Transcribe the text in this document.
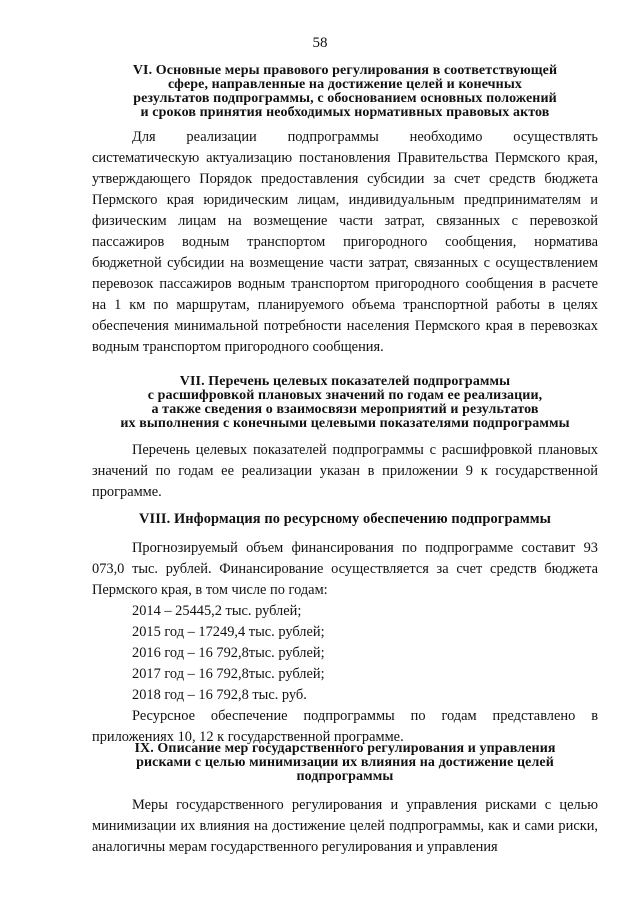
58
VI. Основные меры правового регулирования в соответствующей
сфере, направленные на достижение целей и конечных
результатов подпрограммы, с обоснованием основных положений
и сроков принятия необходимых нормативных правовых актов

Для реализации подпрограммы необходимо осуществлять систематическую актуализацию постановления Правительства Пермского края, утверждающего Порядок предоставления субсидии за счет средств бюджета Пермского края юридическим лицам, индивидуальным предпринимателям и физическим лицам на возмещение части затрат, связанных с перевозкой пассажиров водным транспортом пригородного сообщения, норматива бюджетной субсидии на возмещение части затрат, связанных с осуществлением перевозок пассажиров водным транспортом пригородного сообщения в расчете на 1 км по маршрутам, планируемого объема транспортной работы в целях обеспечения минимальной потребности населения Пермского края в перевозках водным транспортом пригородного сообщения.

VII. Перечень целевых показателей подпрограммы
с расшифровкой плановых значений по годам ее реализации,
а также сведения о взаимосвязи мероприятий и результатов
их выполнения с конечными целевыми показателями подпрограммы

Перечень целевых показателей подпрограммы с расшифровкой плановых значений по годам ее реализации указан в приложении 9 к государственной программе.

VIII. Информация по ресурсному обеспечению подпрограммы

Прогнозируемый объем финансирования по подпрограмме составит 93 073,0 тыс. рублей. Финансирование осуществляется за счет средств бюджета Пермского края, в том числе по годам:

2014 – 25445,2 тыс. рублей;
2015 год – 17249,4 тыс. рублей;
2016 год – 16 792,8тыс. рублей;
2017 год – 16 792,8тыс. рублей;
2018 год – 16 792,8 тыс. руб.

Ресурсное обеспечение подпрограммы по годам представлено в приложениях 10, 12 к государственной программе.

IX. Описание мер государственного регулирования и управления
рисками с целью минимизации их влияния на достижение целей
подпрограммы

Меры государственного регулирования и управления рисками с целью минимизации их влияния на достижение целей подпрограммы, как и сами риски, аналогичны мерам государственного регулирования и управления
